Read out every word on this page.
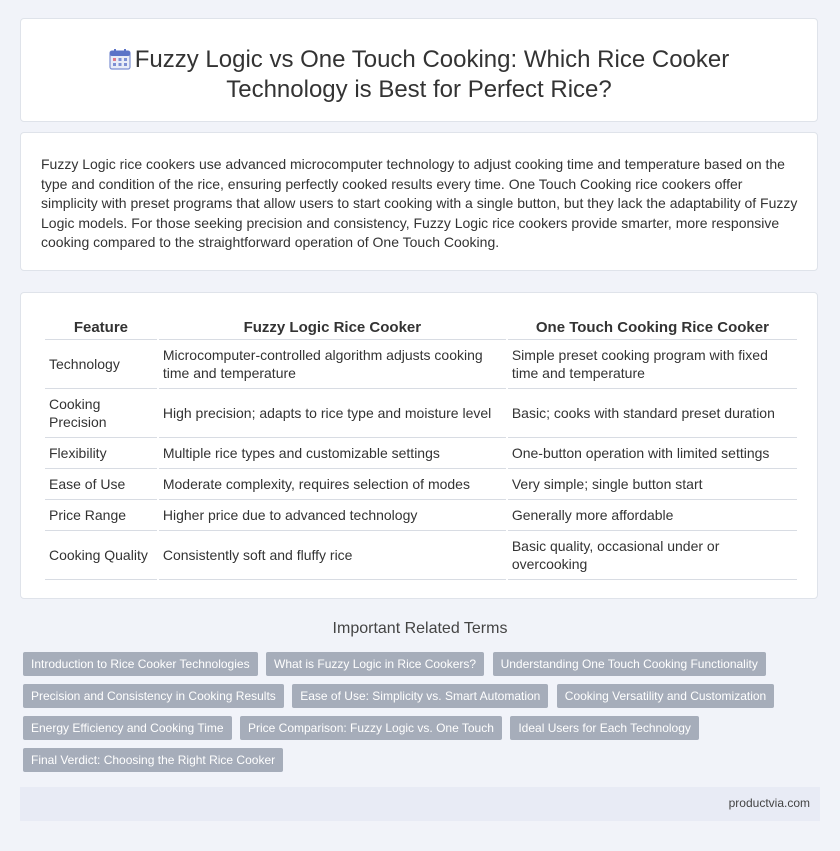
Fuzzy Logic vs One Touch Cooking: Which Rice Cooker
Technology is Best for Perfect Rice?
Fuzzy Logic rice cookers use advanced microcomputer technology to adjust cooking time and temperature based on the type and condition of the rice, ensuring perfectly cooked results every time. One Touch Cooking rice cookers offer simplicity with preset programs that allow users to start cooking with a single button, but they lack the adaptability of Fuzzy Logic models. For those seeking precision and consistency, Fuzzy Logic rice cookers provide smarter, more responsive cooking compared to the straightforward operation of One Touch Cooking.
Feature	Fuzzy Logic Rice Cooker	One Touch Cooking Rice Cooker
Technology	Microcomputer-controlled algorithm adjusts cooking time and temperature	Simple preset cooking program with fixed time and temperature
Cooking Precision	High precision; adapts to rice type and moisture level	Basic; cooks with standard preset duration
Flexibility	Multiple rice types and customizable settings	One-button operation with limited settings
Ease of Use	Moderate complexity, requires selection of modes	Very simple; single button start
Price Range	Higher price due to advanced technology	Generally more affordable
Cooking Quality	Consistently soft and fluffy rice	Basic quality, occasional under or overcooking
Important Related Terms
Introduction to Rice Cooker Technologies What is Fuzzy Logic in Rice Cookers? Understanding One Touch Cooking Functionality
Precision and Consistency in Cooking Results Ease of Use: Simplicity vs. Smart Automation Cooking Versatility and Customization
Energy Efficiency and Cooking Time Price Comparison: Fuzzy Logic vs. One Touch Ideal Users for Each Technology
Final Verdict: Choosing the Right Rice Cooker
productvia.com
